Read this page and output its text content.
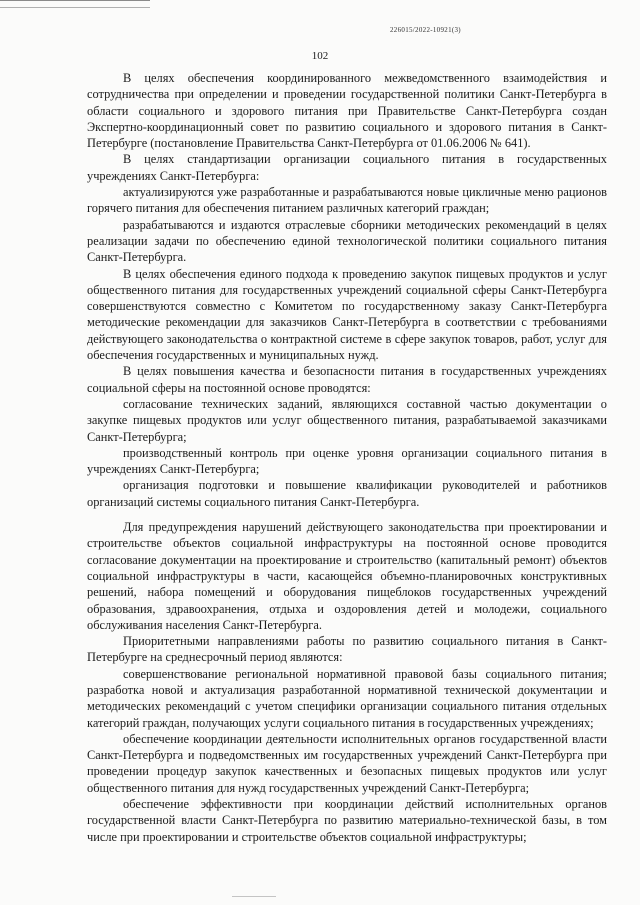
226015/2022-10921(3)
102

В целях обеспечения координированного межведомственного взаимодействия и сотрудничества при определении и проведении государственной политики Санкт-Петербурга в области социального и здорового питания при Правительстве Санкт-Петербурга создан Экспертно-координационный совет по развитию социального и здорового питания в Санкт-Петербурге (постановление Правительства Санкт-Петербурга от 01.06.2006 № 641).

В целях стандартизации организации социального питания в государственных учреждениях Санкт-Петербурга:

актуализируются уже разработанные и разрабатываются новые цикличные меню рационов горячего питания для обеспечения питанием различных категорий граждан;

разрабатываются и издаются отраслевые сборники методических рекомендаций в целях реализации задачи по обеспечению единой технологической политики социального питания Санкт-Петербурга.

В целях обеспечения единого подхода к проведению закупок пищевых продуктов и услуг общественного питания для государственных учреждений социальной сферы Санкт-Петербурга совершенствуются совместно с Комитетом по государственному заказу Санкт-Петербурга методические рекомендации для заказчиков Санкт-Петербурга в соответствии с требованиями действующего законодательства о контрактной системе в сфере закупок товаров, работ, услуг для обеспечения государственных и муниципальных нужд.

В целях повышения качества и безопасности питания в государственных учреждениях социальной сферы на постоянной основе проводятся:

согласование технических заданий, являющихся составной частью документации о закупке пищевых продуктов или услуг общественного питания, разрабатываемой заказчиками Санкт-Петербурга;

производственный контроль при оценке уровня организации социального питания в учреждениях Санкт-Петербурга;

организация подготовки и повышение квалификации руководителей и работников организаций системы социального питания Санкт-Петербурга.

Для предупреждения нарушений действующего законодательства при проектировании и строительстве объектов социальной инфраструктуры на постоянной основе проводится согласование документации на проектирование и строительство (капитальный ремонт) объектов социальной инфраструктуры в части, касающейся объемно-планировочных конструктивных решений, набора помещений и оборудования пищеблоков государственных учреждений образования, здравоохранения, отдыха и оздоровления детей и молодежи, социального обслуживания населения Санкт-Петербурга.

Приоритетными направлениями работы по развитию социального питания в Санкт-Петербурге на среднесрочный период являются:

совершенствование региональной нормативной правовой базы социального питания; разработка новой и актуализация разработанной нормативной технической документации и методических рекомендаций с учетом специфики организации социального питания отдельных категорий граждан, получающих услуги социального питания в государственных учреждениях;

обеспечение координации деятельности исполнительных органов государственной власти Санкт-Петербурга и подведомственных им государственных учреждений Санкт-Петербурга при проведении процедур закупок качественных и безопасных пищевых продуктов или услуг общественного питания для нужд государственных учреждений Санкт-Петербурга;

обеспечение эффективности при координации действий исполнительных органов государственной власти Санкт-Петербурга по развитию материально-технической базы, в том числе при проектировании и строительстве объектов социальной инфраструктуры;
